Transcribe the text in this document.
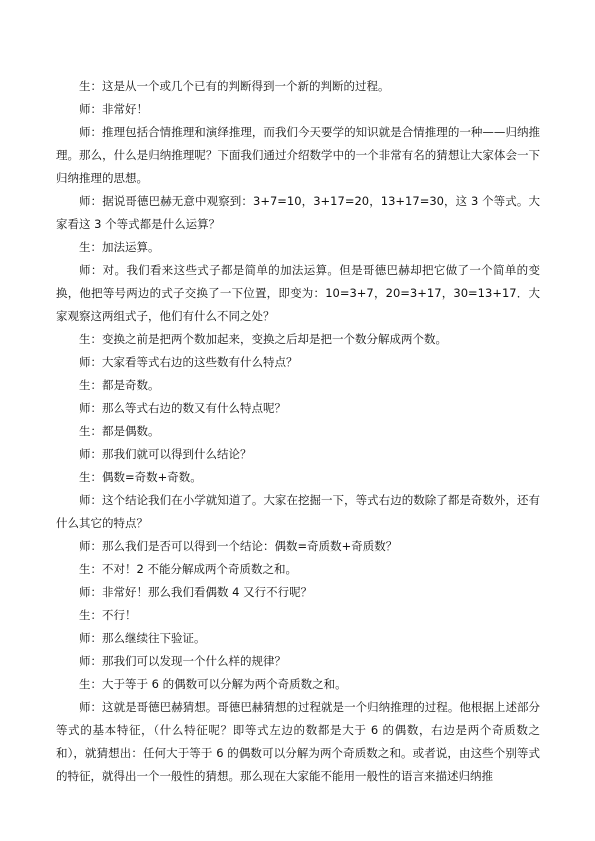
生：这是从一个或几个已有的判断得到一个新的判断的过程。

师：非常好！

师：推理包括合情推理和演绎推理，而我们今天要学的知识就是合情推理的一种——归纳推理。那么，什么是归纳推理呢？下面我们通过介绍数学中的一个非常有名的猜想让大家体会一下归纳推理的思想。

师：据说哥德巴赫无意中观察到：3+7=10，3+17=20，13+17=30，这 3 个等式。大家看这 3 个等式都是什么运算？

生：加法运算。

师：对。我们看来这些式子都是简单的加法运算。但是哥德巴赫却把它做了一个简单的变换，他把等号两边的式子交换了一下位置，即变为：10=3+7，20=3+17，30=13+17．大家观察这两组式子，他们有什么不同之处？

生：变换之前是把两个数加起来，变换之后却是把一个数分解成两个数。

师：大家看等式右边的这些数有什么特点？

生：都是奇数。

师：那么等式右边的数又有什么特点呢？

生：都是偶数。

师：那我们就可以得到什么结论？

生：偶数=奇数+奇数。

师：这个结论我们在小学就知道了。大家在挖掘一下，等式右边的数除了都是奇数外，还有什么其它的特点？

师：那么我们是否可以得到一个结论：偶数=奇质数+奇质数？

生：不对！2 不能分解成两个奇质数之和。

师：非常好！那么我们看偶数 4 又行不行呢？

生：不行！

师：那么继续往下验证。

师：那我们可以发现一个什么样的规律？

生：大于等于 6 的偶数可以分解为两个奇质数之和。

师：这就是哥德巴赫猜想。哥德巴赫猜想的过程就是一个归纳推理的过程。他根据上述部分等式的基本特征，（什么特征呢？即等式左边的数都是大于 6 的偶数，右边是两个奇质数之和），就猜想出：任何大于等于 6 的偶数可以分解为两个奇质数之和。或者说，由这些个别等式的特征，就得出一个一般性的猜想。那么现在大家能不能用一般性的语言来描述归纳推
